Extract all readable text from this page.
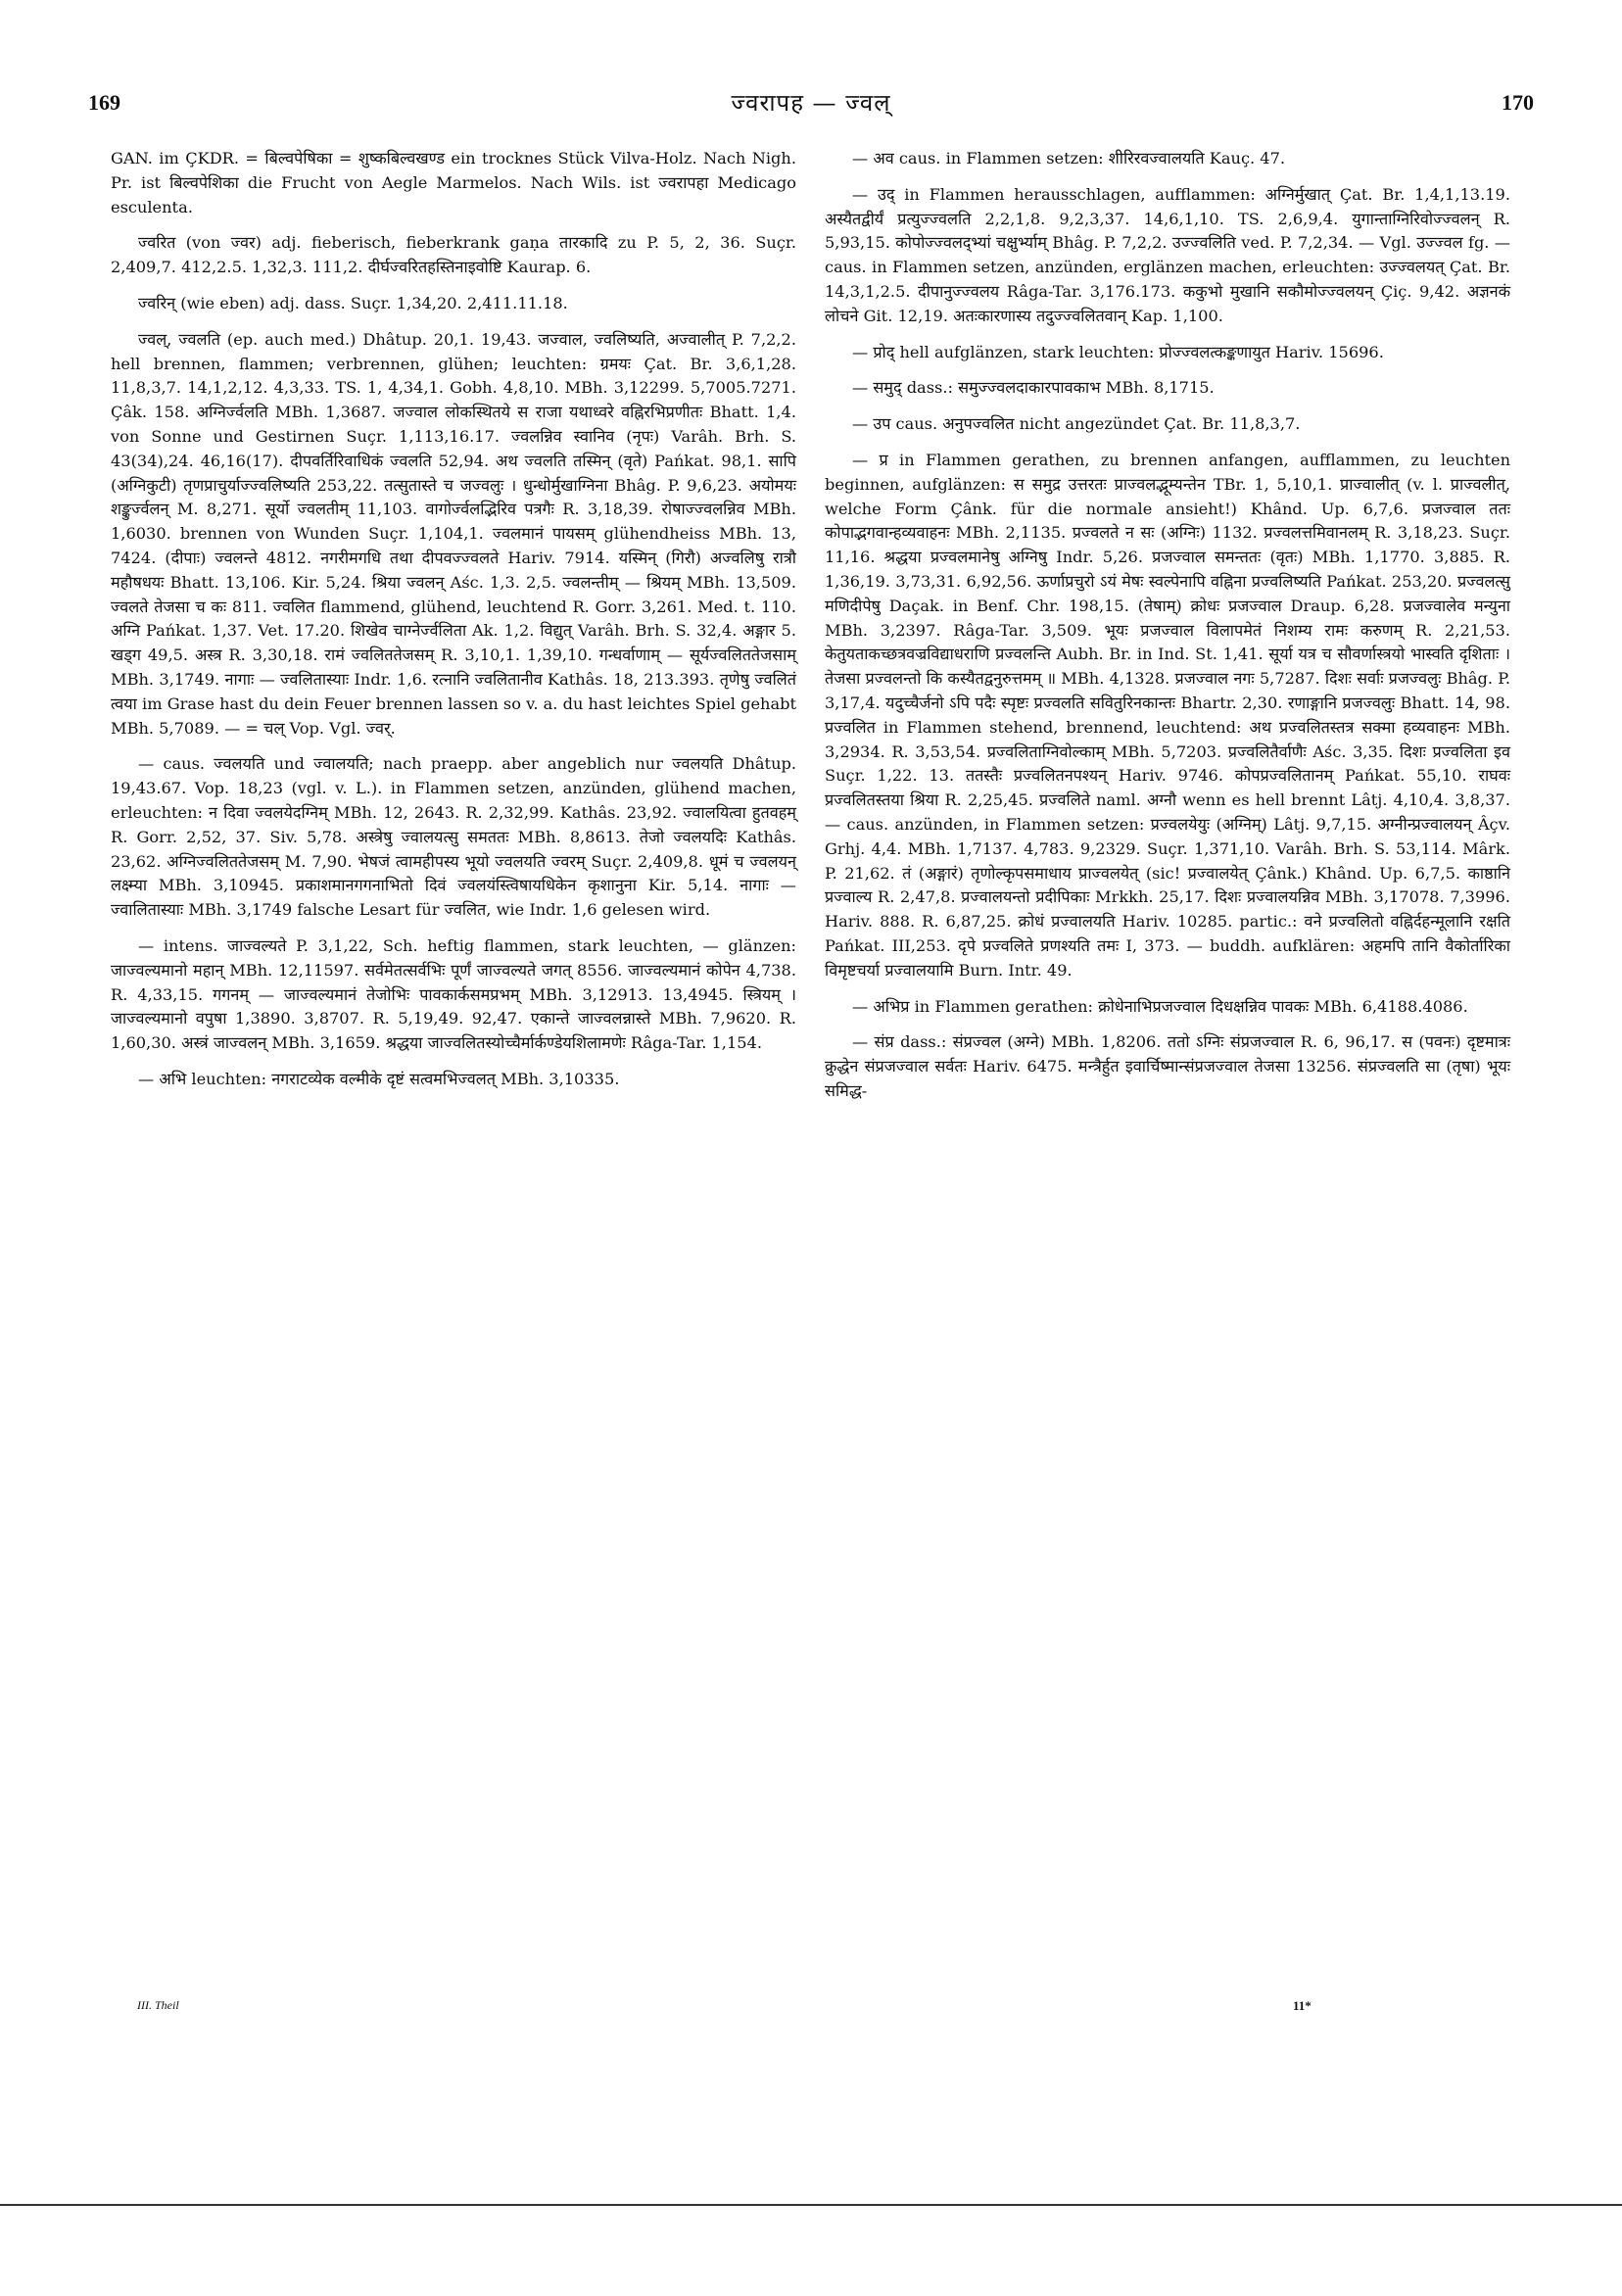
169	ज्वरापह — ज्वल्	170

GAN. im ÇKDR. = बिल्वपेषिका = शुष्कबिल्वखण्ड ein trocknes Stück Vilva-Holz. Nach Nigh. Pr. ist बिल्वपेशिका die Frucht von Aegle Marmelos. Nach Wils. ist ज्वरापहा Medicago esculenta.

ज्वरित (von ज्वर) adj. fieberisch, fieberkrank gaṇa तारकादि zu P. 5, 2, 36. Suçr. 2,409,7. 412,2.5. 1,32,3. 111,2. दीर्घज्वरितहस्तिनाइवोष्टि Kaurap. 6.

ज्वरिन् (wie eben) adj. dass. Suçr. 1,34,20. 2,411.11.18.

ज्वल्, ज्वलति (ep. auch med.) Dhâtup. 20,1. 19,43. जज्वाल, ज्वलिष्यति, अज्वालीत् P. 7,2,2. hell brennen, flammen; verbrennen, glühen; leuchten: ग्रमयः Çat. Br. 3,6,1,28. 11,8,3,7. 14,1,2,12. 4,3,33. TS. 1, 4,34,1. Gobh. 4,8,10. MBh. 3,12299. 5,7005.7271. Çâk. 158. अग्निर्ज्वलति MBh. 1,3687. जज्वाल लोकस्थितये स राजा यथाध्वरे वह्निरभिप्रणीतः Bhatt. 1,4. von Sonne und Gestirnen Suçr. 1,113,16.17. ज्वलन्निव स्वानिव (नृपः) Varâh. Brh. S. 43(34),24. 46,16(17). दीपवर्तिरिवाधिकं ज्वलति 52,94. अथ ज्वलति तस्मिन् (वृते) Pańkat. 98,1. सापि (अग्निकुटी) तृणप्राचुर्याज्ज्वलिष्यति 253,22. तत्सुतास्ते च जज्वलुः । धुन्धोर्मुखाग्निना Bhâg. P. 9,6,23. अयोमयः शङ्कुर्ज्वलन् M. 8,271. सूर्यो ज्वलतीम् 11,103. वागोर्ज्वलद्भिरिव पत्रगैः R. 3,18,39. रोषाज्ज्वलन्निव MBh. 1,6030. brennen von Wunden Suçr. 1,104,1. ज्वलमानं पायसम् glühendheiss MBh. 13, 7424. (दीपाः) ज्वलन्ते 4812. नगरीमगधि तथा दीपवज्ज्वलते Hariv. 7914. यस्मिन् (गिरौ) अज्वलिषु रात्रौ महौषधयः Bhatt. 13,106. Kir. 5,24. श्रिया ज्वलन् Aśc. 1,3. 2,5. ज्वलन्तीम् — श्रियम् MBh. 13,509. ज्वलते तेजसा च कः 811. ज्वलित flammend, glühend, leuchtend R. Gorr. 3,261. Med. t. 110. अग्नि Pańkat. 1,37. Vet. 17.20. शिखेव चाग्नेर्ज्वलिता Ak. 1,2. विद्युत् Varâh. Brh. S. 32,4. अङ्गार 5. खड्ग 49,5. अस्त्र R. 3,30,18. रामं ज्वलिततेजसम् R. 3,10,1. 1,39,10. गन्धर्वाणाम् — सूर्यज्वलिततेजसाम् MBh. 3,1749. नागाः — ज्वलितास्याः Indr. 1,6. रत्नानि ज्वलितानीव Kathâs. 18, 213.393. तृणेषु ज्वलितं त्वया im Grase hast du dein Feuer brennen lassen so v. a. du hast leichtes Spiel gehabt MBh. 5,7089. — = चल् Vop. Vgl. ज्वर्.

— caus. ज्वलयति und ज्वालयति; nach praepp. aber angeblich nur ज्वलयति Dhâtup. 19,43.67. Vop. 18,23 (vgl. v. L.). in Flammen setzen, anzünden, glühend machen, erleuchten: न दिवा ज्वलयेदग्निम् MBh. 12, 2643. R. 2,32,99. Kathâs. 23,92. ज्वालयित्वा हुतवहम् R. Gorr. 2,52, 37. Siv. 5,78. अस्त्रेषु ज्वालयत्सु समततः MBh. 8,8613. तेजो ज्वलयदिः Kathâs. 23,62. अग्निज्वलिततेजसम् M. 7,90. भेषजं त्वामहीपस्य भूयो ज्वलयति ज्वरम् Suçr. 2,409,8. धूमं च ज्वलयन् लक्ष्म्या MBh. 3,10945. प्रकाशमानगगनाभितो दिवं ज्वलयंस्त्विषायधिकेन कृशानुना Kir. 5,14. नागाः — ज्वालितास्याः MBh. 3,1749 falsche Lesart für ज्वलित, wie Indr. 1,6 gelesen wird.

— intens. जाज्वल्यते P. 3,1,22, Sch. heftig flammen, stark leuchten, — glänzen: जाज्वल्यमानो महान् MBh. 12,11597. सर्वमेतत्सर्वभिः पूर्णं जाज्वल्यते जगत् 8556. जाज्वल्यमानं कोपेन 4,738. R. 4,33,15. गगनम् — जाज्वल्यमानं तेजोभिः पावकार्कसमप्रभम् MBh. 3,12913. 13,4945. स्त्रियम् । जाज्वल्यमानो वपुषा 1,3890. 3,8707. R. 5,19,49. 92,47. एकान्ते जाज्वलन्नास्ते MBh. 7,9620. R. 1,60,30. अस्त्रं जाज्वलन् MBh. 3,1659. श्रद्धया जाज्वलितस्योच्चैर्मार्कण्डेयशिलामणेः Râga-Tar. 1,154.

— अभि leuchten: नगराटव्येक वल्मीके दृष्टं सत्वमभिज्वलत् MBh. 3,10335.

— अव caus. in Flammen setzen: शीरिरवज्वालयति Kauç. 47.

— उद् in Flammen herausschlagen, aufflammen: अग्निर्मुखात् Çat. Br. 1,4,1,13.19. अस्यैतद्वीर्यं प्रत्युज्ज्वलति 2,2,1,8. 9,2,3,37. 14,6,1,10. TS. 2,6,9,4. युगान्ताग्निरिवोज्ज्वलन् R. 5,93,15. कोपोज्ज्वलद्भ्यां चक्षुर्भ्याम् Bhâg. P. 7,2,2. उज्ज्वलिति ved. P. 7,2,34. — Vgl. उज्ज्वल fg. — caus. in Flammen setzen, anzünden, erglänzen machen, erleuchten: उज्ज्वलयत् Çat. Br. 14,3,1,2.5. दीपानुज्ज्वलय Râga-Tar. 3,176.173. ककुभो मुखानि सकौमोज्ज्वलयन् Çiç. 9,42. अज्ञनकं लोचने Git. 12,19. अतःकारणास्य तदुज्ज्वलितवान् Kap. 1,100.

— प्रोद् hell aufglänzen, stark leuchten: प्रोज्ज्वलत्कङ्कणायुत Hariv. 15696.

— समुद् dass.: समुज्ज्वलदाकारपावकाभ MBh. 8,1715.

— उप caus. अनुपज्वलित nicht angezündet Çat. Br. 11,8,3,7.

— प्र in Flammen gerathen, zu brennen anfangen, aufflammen, zu leuchten beginnen, aufglänzen: स समुद्र उत्तरतः प्राज्वलद्भूम्यन्तेन TBr. 1, 5,10,1. प्राज्वालीत् (v. l. प्राज्वलीत्, welche Form Çânk. für die normale ansieht!) Khând. Up. 6,7,6. प्रजज्वाल ततः कोपाद्भगवान्हव्यवाहनः MBh. 2,1135. प्रज्वलते न सः (अग्निः) 1132. प्रज्वलत्तमिवानलम् R. 3,18,23. Suçr. 11,16. श्रद्धया प्रज्वलमानेषु अग्निषु Indr. 5,26. प्रजज्वाल समन्ततः (वृतः) MBh. 1,1770. 3,885. R. 1,36,19. 3,73,31. 6,92,56. ऊर्णाप्रचुरो ऽयं मेषः स्वल्पेनापि वह्निना प्रज्वलिष्यति Pańkat. 253,20. प्रज्वलत्सु मणिदीपेषु Daçak. in Benf. Chr. 198,15. (तेषाम्) क्रोधः प्रजज्वाल Draup. 6,28. प्रजज्वालेव मन्युना MBh. 3,2397. Râga-Tar. 3,509. भूयः प्रजज्वाल विलापमेतं निशम्य रामः करुणम् R. 2,21,53. केतुयताकच्छत्रवज्रविद्याधराणि प्रज्वलन्ति Aubh. Br. in Ind. St. 1,41. सूर्या यत्र च सौवर्णास्त्रयो भास्वति दृशिताः । तेजसा प्रज्वलन्तो कि कस्यैतद्वनुरुत्तमम् ॥ MBh. 4,1328. प्रजज्वाल नगः 5,7287. दिशः सर्वाः प्रजज्वलुः Bhâg. P. 3,17,4. यदुच्चैर्जनो ऽपि पदैः स्पृष्टः प्रज्वलति सवितुरिनकान्तः Bhartr. 2,30. रणाङ्गानि प्रजज्वलुः Bhatt. 14, 98. प्रज्वलित in Flammen stehend, brennend, leuchtend: अथ प्रज्वलितस्तत्र सक्मा हव्यवाहनः MBh. 3,2934. R. 3,53,54. प्रज्वलिताग्निवोल्काम् MBh. 5,7203. प्रज्वलितैर्वाणैः Aśc. 3,35. दिशः प्रज्वलिता इव Suçr. 1,22. 13. ततस्तैः प्रज्वलितनपश्यन् Hariv. 9746. कोपप्रज्वलितानम् Pańkat. 55,10. राघवः प्रज्वलितस्तया श्रिया R. 2,25,45. प्रज्वलिते naml. अग्नौ wenn es hell brennt Lâtj. 4,10,4. 3,8,37. — caus. anzünden, in Flammen setzen: प्रज्वलयेयुः (अग्निम्) Lâtj. 9,7,15. अग्नीन्प्रज्वालयन् Âçv. Grhj. 4,4. MBh. 1,7137. 4,783. 9,2329. Suçr. 1,371,10. Varâh. Brh. S. 53,114. Mârk. P. 21,62. तं (अङ्गारं) तृणोल्कृपसमाधाय प्राज्वलयेत् (sic! प्रज्वालयेत् Çânk.) Khând. Up. 6,7,5. काष्ठानि प्रज्वाल्य R. 2,47,8. प्रज्वालयन्तो प्रदीपिकाः Mrkkh. 25,17. दिशः प्रज्वालयन्निव MBh. 3,17078. 7,3996. Hariv. 888. R. 6,87,25. क्रोधं प्रज्वालयति Hariv. 10285. partic.: वने प्रज्वलितो वह्निर्दहन्मूलानि रक्षति Pańkat. III,253. दृपे प्रज्वलिते प्रणश्यति तमः I, 373. — buddh. aufklären: अहमपि तानि वैकोर्तारिका विमृष्टचर्या प्रज्वालयामि Burn. Intr. 49.

— अभिप्र in Flammen gerathen: क्रोधेनाभिप्रजज्वाल दिधक्षन्निव पावकः MBh. 6,4188.4086.

— संप्र dass.: संप्रज्वल (अग्ने) MBh. 1,8206. ततो ऽग्निः संप्रजज्वाल R. 6, 96,17. स (पवनः) दृष्टमात्रः क्रुद्धेन संप्रजज्वाल सर्वतः Hariv. 6475. मन्त्रैर्हुत इवार्चिष्मान्संप्रजज्वाल तेजसा 13256. संप्रज्वलति सा (तृषा) भूयः समिद्ध-

III. Theil	11*
